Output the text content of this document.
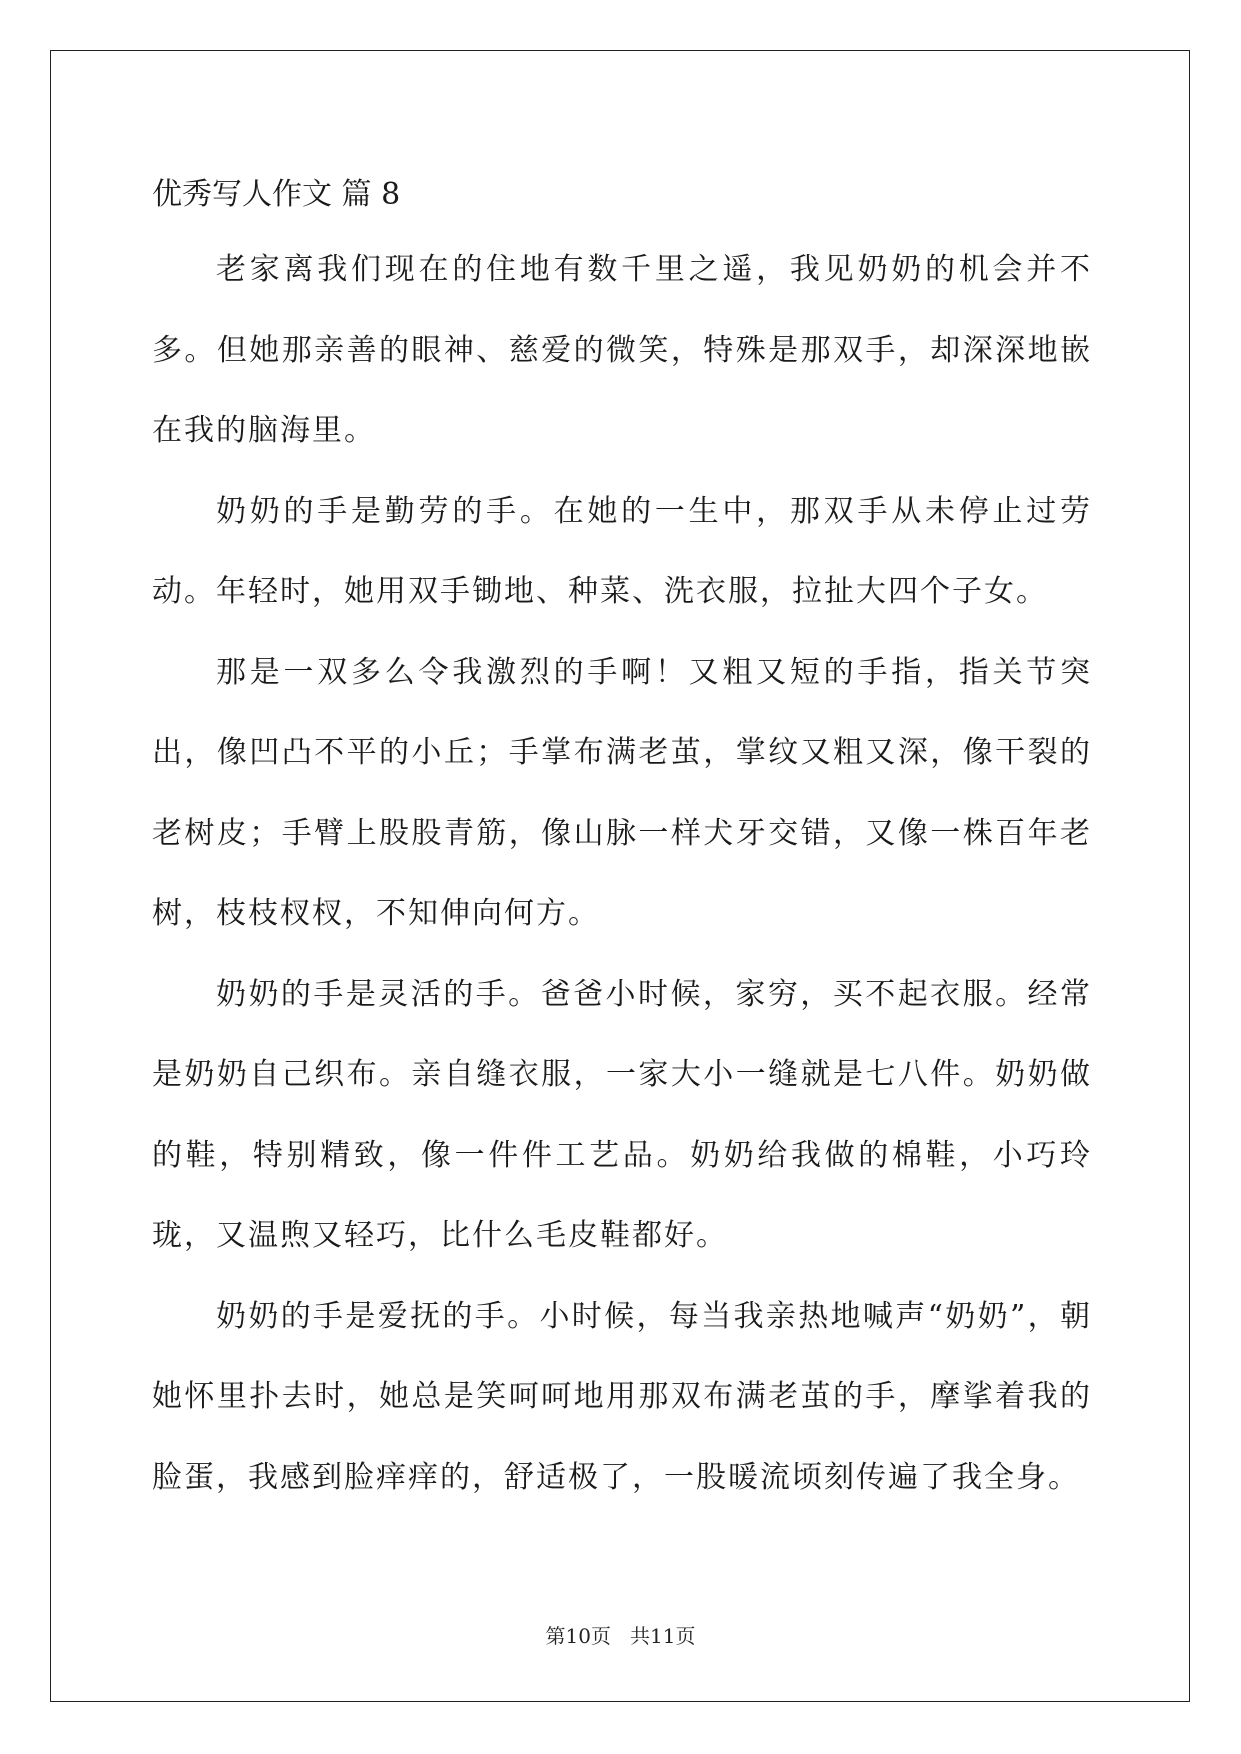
优秀写人作文 篇 8

老家离我们现在的住地有数千里之遥，我见奶奶的机会并不多。但她那亲善的眼神、慈爱的微笑，特殊是那双手，却深深地嵌在我的脑海里。

奶奶的手是勤劳的手。在她的一生中，那双手从未停止过劳动。年轻时，她用双手锄地、种菜、洗衣服，拉扯大四个子女。

那是一双多么令我激烈的手啊！又粗又短的手指，指关节突出，像凹凸不平的小丘；手掌布满老茧，掌纹又粗又深，像干裂的老树皮；手臂上股股青筋，像山脉一样犬牙交错，又像一株百年老树，枝枝杈杈，不知伸向何方。

奶奶的手是灵活的手。爸爸小时候，家穷，买不起衣服。经常是奶奶自己织布。亲自缝衣服，一家大小一缝就是七八件。奶奶做的鞋，特别精致，像一件件工艺品。奶奶给我做的棉鞋，小巧玲珑，又温煦又轻巧，比什么毛皮鞋都好。

奶奶的手是爱抚的手。小时候，每当我亲热地喊声“奶奶”，朝她怀里扑去时，她总是笑呵呵地用那双布满老茧的手，摩挲着我的脸蛋，我感到脸痒痒的，舒适极了，一股暖流顷刻传遍了我全身。

第10页   共11页
